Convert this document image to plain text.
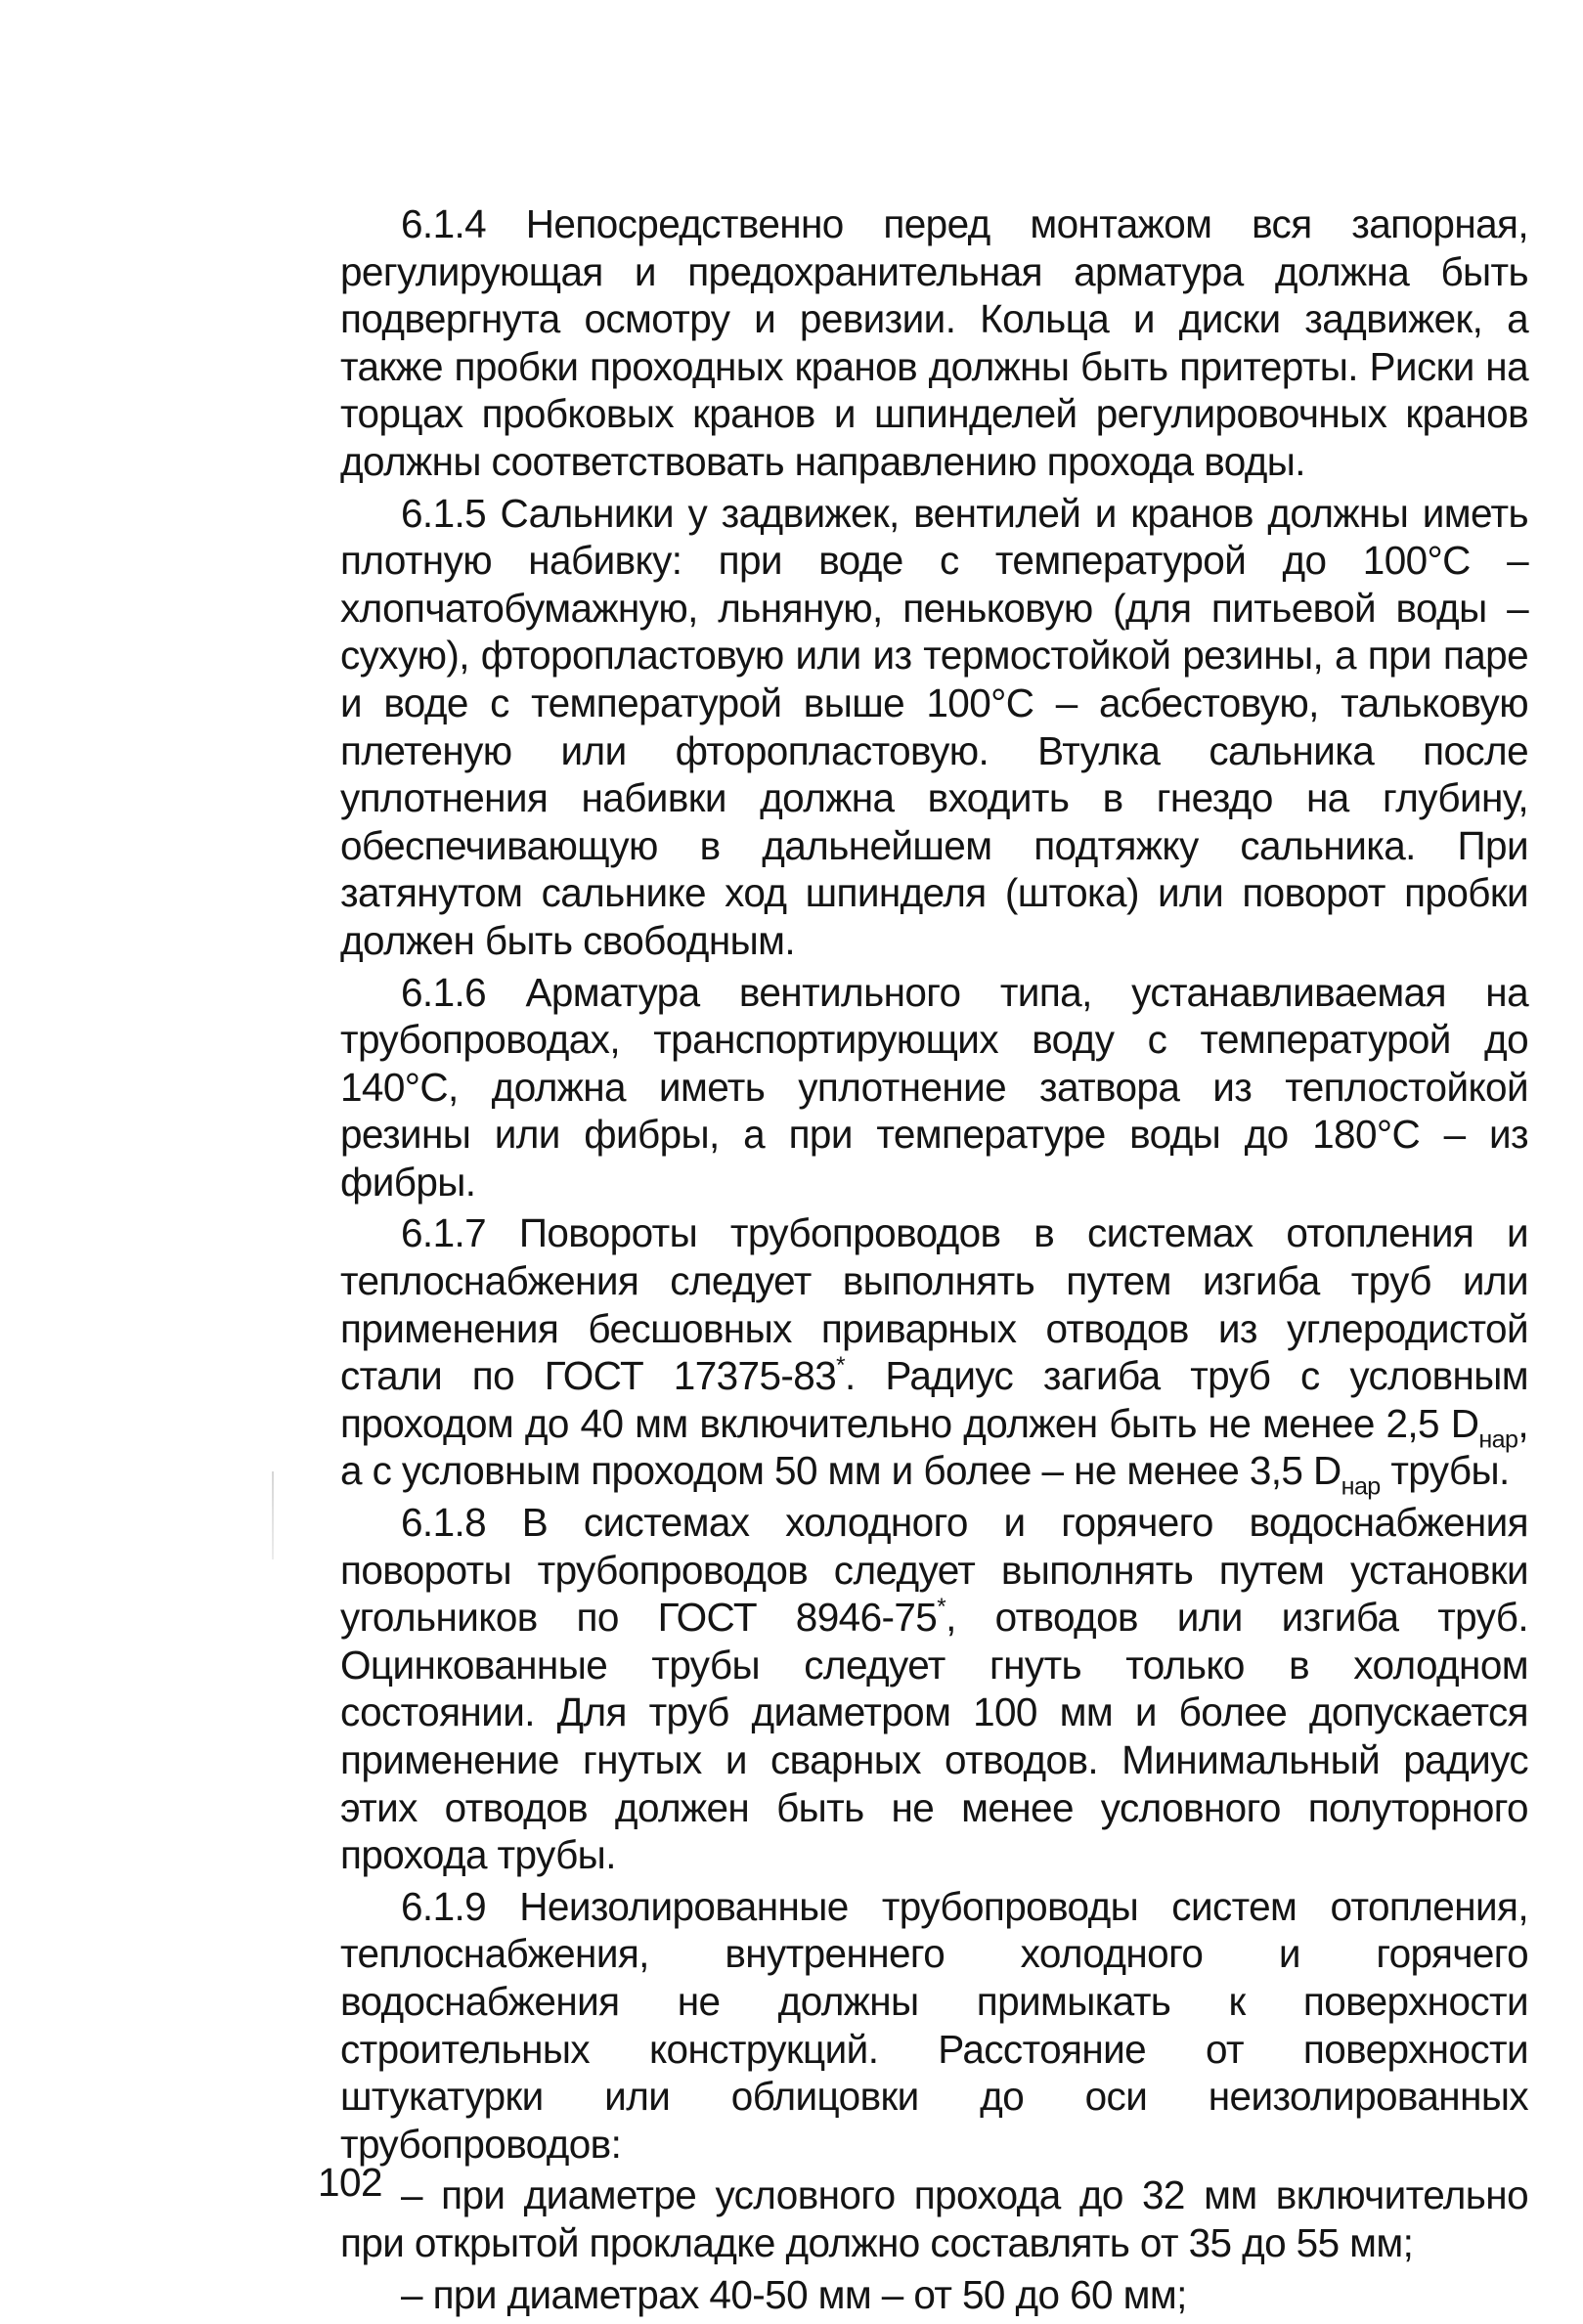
6.1.4 Непосредственно перед монтажом вся запорная, регулирующая и предохранительная арматура должна быть подвергнута осмотру и ревизии. Кольца и диски задвижек, а также пробки проходных кранов должны быть притерты. Риски на торцах пробковых кранов и шпинделей регулировочных кранов должны соответствовать направлению прохода воды.

6.1.5 Сальники у задвижек, вентилей и кранов должны иметь плотную набивку: при воде с температурой до 100°С – хлопчатобумажную, льняную, пеньковую (для питьевой воды – сухую), фторопластовую или из термостойкой резины, а при паре и воде с температурой выше 100°С – асбестовую, тальковую плетеную или фторопластовую. Втулка сальника после уплотнения набивки должна входить в гнездо на глубину, обеспечивающую в дальнейшем подтяжку сальника. При затянутом сальнике ход шпинделя (штока) или поворот пробки должен быть свободным.

6.1.6 Арматура вентильного типа, устанавливаемая на трубопроводах, транспортирующих воду с температурой до 140°С, должна иметь уплотнение затвора из теплостойкой резины или фибры, а при температуре воды до 180°С – из фибры.

6.1.7 Повороты трубопроводов в системах отопления и теплоснабжения следует выполнять путем изгиба труб или применения бесшовных приварных отводов из углеродистой стали по ГОСТ 17375-83*. Радиус загиба труб с условным проходом до 40 мм включительно должен быть не менее 2,5 $D_{нар}$, а с условным проходом 50 мм и более – не менее 3,5 $D_{нар}$ трубы.

6.1.8 В системах холодного и горячего водоснабжения повороты трубопроводов следует выполнять путем установки угольников по ГОСТ 8946-75*, отводов или изгиба труб. Оцинкованные трубы следует гнуть только в холодном состоянии. Для труб диаметром 100 мм и более допускается применение гнутых и сварных отводов. Минимальный радиус этих отводов должен быть не менее условного полуторного прохода трубы.

6.1.9 Неизолированные трубопроводы систем отопления, теплоснабжения, внутреннего холодного и горячего водоснабжения не должны примыкать к поверхности строительных конструкций. Расстояние от поверхности штукатурки или облицовки до оси неизолированных трубопроводов:

– при диаметре условного прохода до 32 мм включительно при открытой прокладке должно составлять от 35 до 55 мм;

– при диаметрах 40-50 мм – от 50 до 60 мм;

102
